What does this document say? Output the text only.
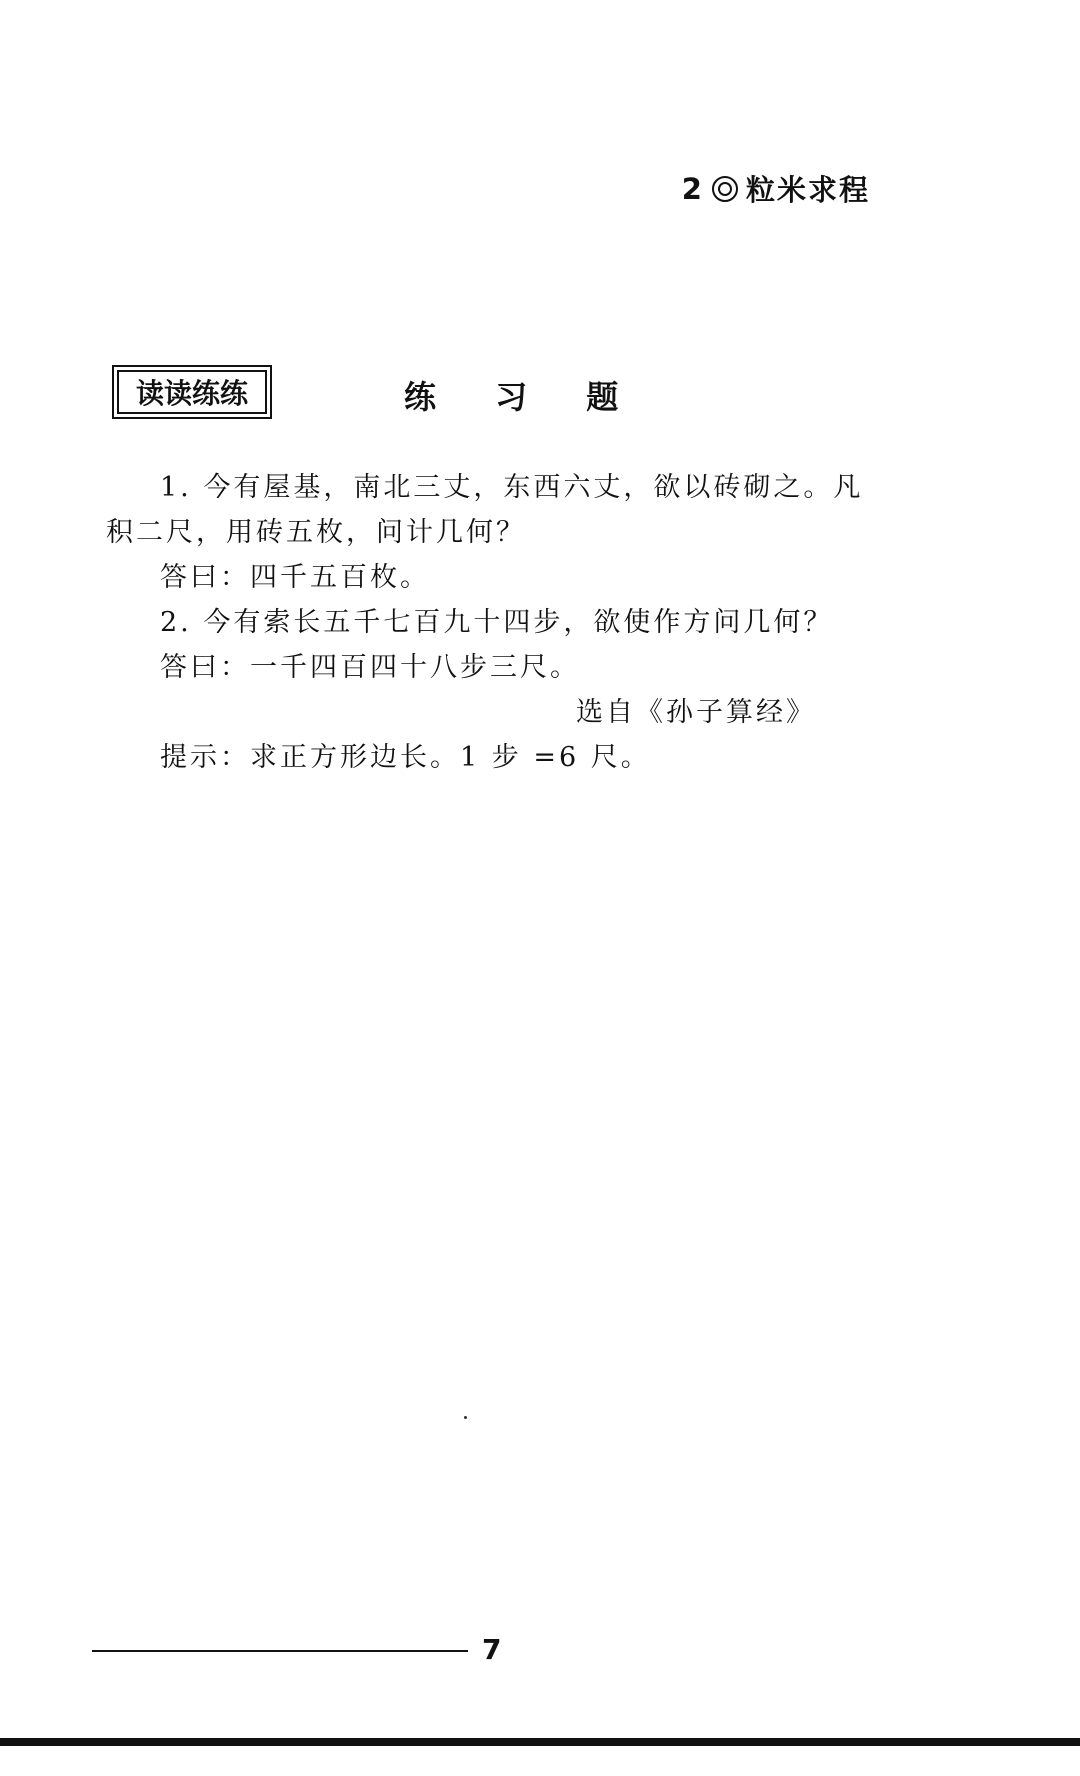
2 粒米求程
读读练练	练 习 题

1. 今有屋基，南北三丈，东西六丈，欲以砖砌之。凡积二尺，用砖五枚，问计几何？

答曰：四千五百枚。

2. 今有索长五千七百九十四步，欲使作方问几何？

答曰：一千四百四十八步三尺。

选自《孙子算经》

提示：求正方形边长。1 步 =6 尺。

7
